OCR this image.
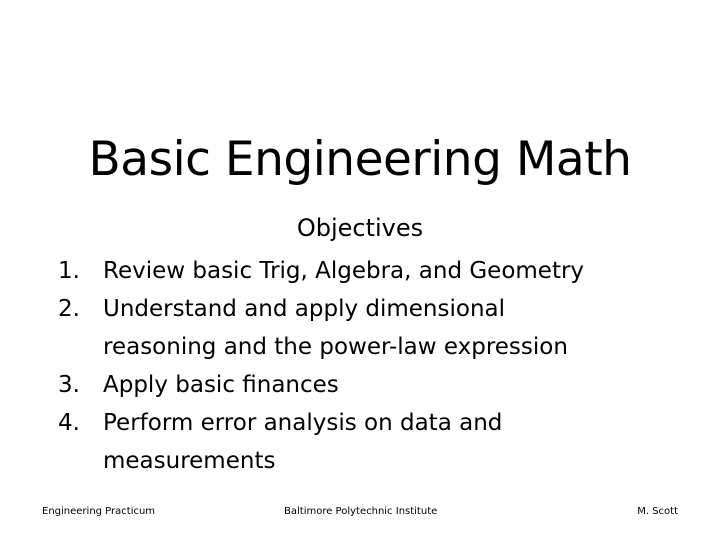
Basic Engineering Math
Objectives
1.	Review basic Trig, Algebra, and Geometry
2.	Understand and apply dimensional reasoning and the power-law expression
3.	Apply basic finances
4.	Perform error analysis on data and measurements
Engineering Practicum	Baltimore Polytechnic Institute	M. Scott
